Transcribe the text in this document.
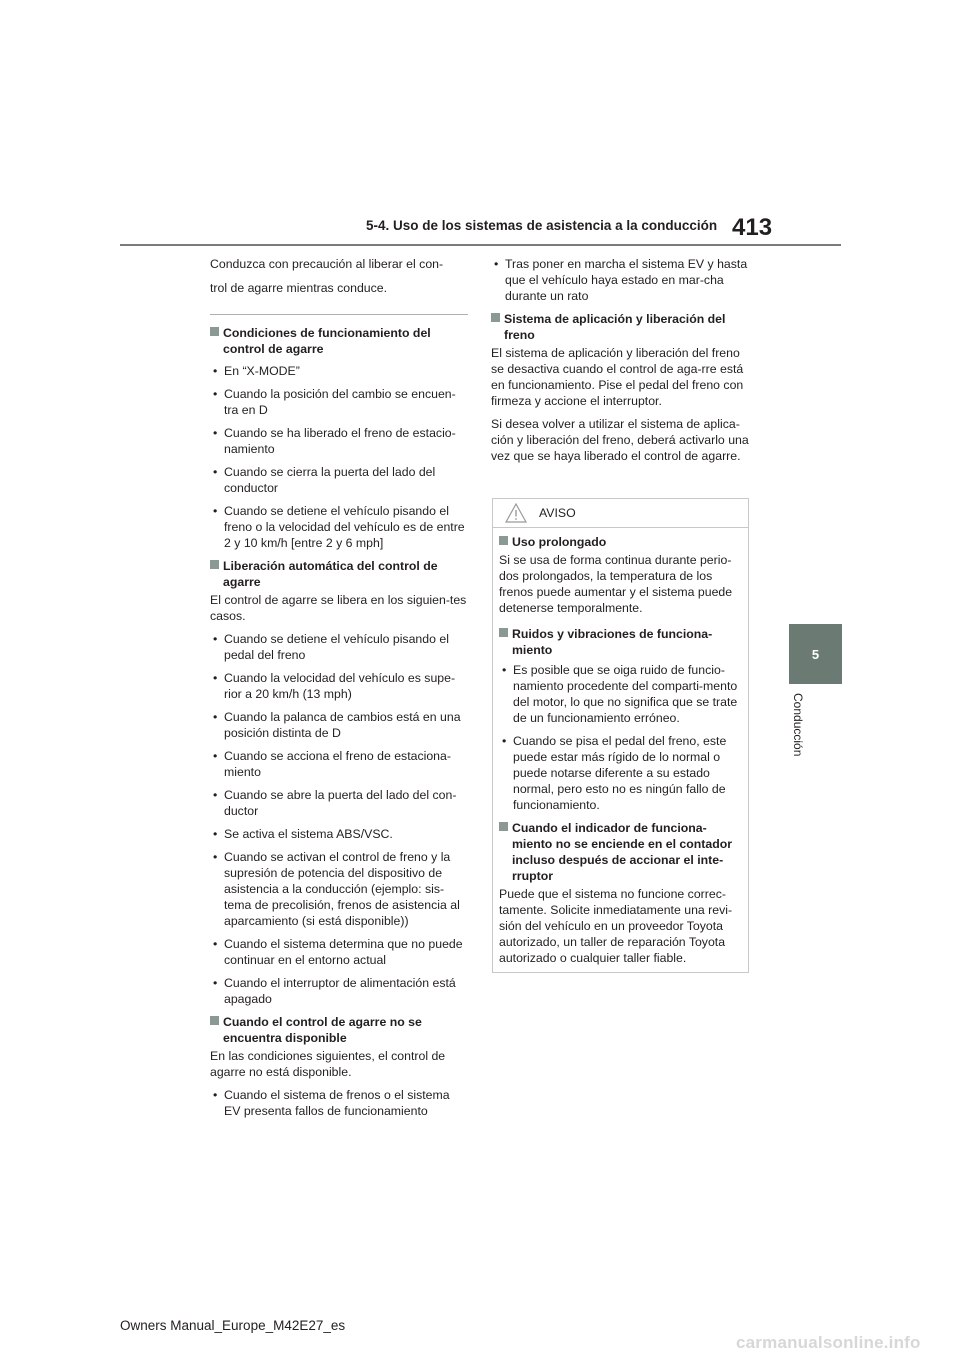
5-4. Uso de los sistemas de asistencia a la conducción 413
5
Conducción

Conduzca con precaución al liberar el con-

trol de agarre mientras conduce.

Condiciones de funcionamiento del control de agarre

• En “X-MODE”
• Cuando la posición del cambio se encuen-tra en D
• Cuando se ha liberado el freno de estacio-namiento
• Cuando se cierra la puerta del lado del conductor
• Cuando se detiene el vehículo pisando el freno o la velocidad del vehículo es de entre 2 y 10 km/h [entre 2 y 6 mph]

Liberación automática del control de agarre

El control de agarre se libera en los siguien-tes casos.

• Cuando se detiene el vehículo pisando el pedal del freno
• Cuando la velocidad del vehículo es supe-rior a 20 km/h (13 mph)
• Cuando la palanca de cambios está en una posición distinta de D
• Cuando se acciona el freno de estaciona-miento
• Cuando se abre la puerta del lado del con-ductor
• Se activa el sistema ABS/VSC.
• Cuando se activan el control de freno y la supresión de potencia del dispositivo de asistencia a la conducción (ejemplo: sis-tema de precolisión, frenos de asistencia al aparcamiento (si está disponible))
• Cuando el sistema determina que no puede continuar en el entorno actual
• Cuando el interruptor de alimentación está apagado

Cuando el control de agarre no se encuentra disponible

En las condiciones siguientes, el control de agarre no está disponible.

• Cuando el sistema de frenos o el sistema EV presenta fallos de funcionamiento
• Tras poner en marcha el sistema EV y hasta que el vehículo haya estado en mar-cha durante un rato

Sistema de aplicación y liberación del freno

El sistema de aplicación y liberación del freno se desactiva cuando el control de aga-rre está en funcionamiento. Pise el pedal del freno con firmeza y accione el interruptor.

Si desea volver a utilizar el sistema de aplica-ción y liberación del freno, deberá activarlo una vez que se haya liberado el control de agarre.

AVISO

Uso prolongado

Si se usa de forma continua durante perio-dos prolongados, la temperatura de los frenos puede aumentar y el sistema puede detenerse temporalmente.

Ruidos y vibraciones de funciona-miento

• Es posible que se oiga ruido de funcio-namiento procedente del comparti-mento del motor, lo que no significa que se trate de un funcionamiento erróneo.
• Cuando se pisa el pedal del freno, este puede estar más rígido de lo normal o puede notarse diferente a su estado normal, pero esto no es ningún fallo de funcionamiento.

Cuando el indicador de funciona-miento no se enciende en el contador incluso después de accionar el inte-rruptor

Puede que el sistema no funcione correc-tamente. Solicite inmediatamente una revi-sión del vehículo en un proveedor Toyota autorizado, un taller de reparación Toyota autorizado o cualquier taller fiable.

Owners Manual_Europe_M42E27_es
carmanualsonline.info
